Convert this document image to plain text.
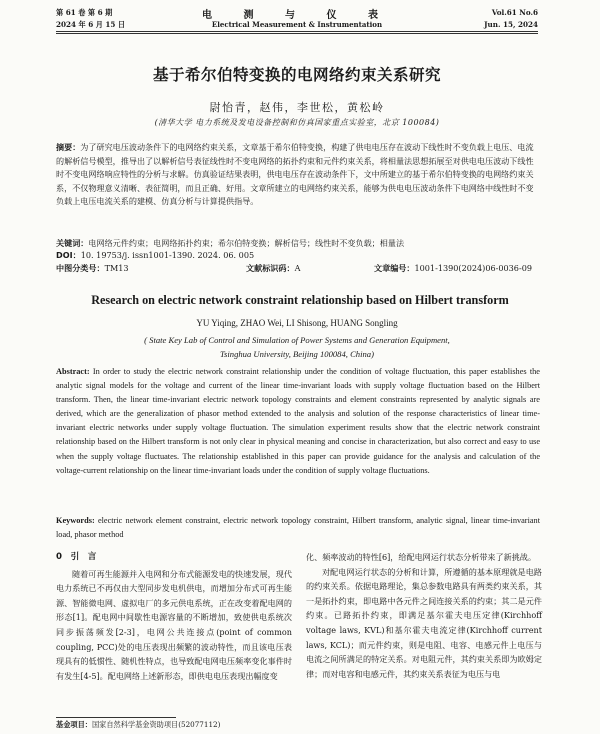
第 61 卷 第 6 期
2024 年 6 月 15 日
电 测 与 仪 表
Electrical Measurement & Instrumentation
Vol.61 No.6
Jun. 15, 2024
基于希尔伯特变换的电网络约束关系研究
尉怡青，赵伟，李世松，黄松岭
(清华大学 电力系统及发电设备控制和仿真国家重点实验室，北京 100084)
摘要：为了研究电压波动条件下的电网络约束关系，文章基于希尔伯特变换，构建了供电电压存在波动下线性时不变负载上电压、电流的解析信号模型，推导出了以解析信号表征线性时不变电网络的拓扑约束和元件约束关系，将相量法思想拓展至对供电电压波动下线性时不变电网络响应特性的分析与求解。仿真验证结果表明，供电电压存在波动条件下，文中所建立的基于希尔伯特变换的电网络约束关系，不仅物理意义清晰、表征简明，而且正确、好用。文章所建立的电网络约束关系，能够为供电电压波动条件下电网络中线性时不变负载上电压电流关系的建模、仿真分析与计算提供指导。
关键词：电网络元件约束；电网络拓扑约束；希尔伯特变换；解析信号；线性时不变负载；相量法
DOI：10. 19753/j. issn1001-1390. 2024. 06. 005
中图分类号：TM13	文献标识码：A	文章编号：1001-1390(2024)06-0036-09
Research on electric network constraint relationship based on Hilbert transform
YU Yiqing, ZHAO Wei, LI Shisong, HUANG Songling
( State Key Lab of Control and Simulation of Power Systems and Generation Equipment,
Tsinghua University, Beijing 100084, China)
Abstract: In order to study the electric network constraint relationship under the condition of voltage fluctuation, this paper establishes the analytic signal models for the voltage and current of the linear time-invariant loads with supply voltage fluctuation based on the Hilbert transform. Then, the linear time-invariant electric network topology constraints and element constraints represented by analytic signals are derived, which are the generalization of phasor method extended to the analysis and solution of the response characteristics of linear time-invariant electric networks under supply voltage fluctuation. The simulation experiment results show that the electric network constraint relationship based on the Hilbert transform is not only clear in physical meaning and concise in characterization, but also correct and easy to use when the supply voltage fluctuates. The relationship established in this paper can provide guidance for the analysis and calculation of the voltage-current relationship on the linear time-invariant loads under the condition of supply voltage fluctuations.
Keywords: electric network element constraint, electric network topology constraint, Hilbert transform, analytic signal, linear time-invariant load, phasor method
0　引　言
随着可再生能源并入电网和分布式能源发电的快速发展，现代电力系统已不再仅由大型同步发电机供电，而增加分布式可再生能源、智能微电网、虚拟电厂的多元供电系统，正在改变着配电网的形态[1]。配电网中间歇性电源容量的不断增加，致使供电系统次同步振荡频发[2-3]，电网公共连接点(point of common coupling, PCC)处的电压表现出频繁的波动特性，而且该电压表现具有的低惯性、随机性特点，也导致配电网电压频率变化事件时有发生[4-5]。配电网络上述新形态，即供电电压表现出幅度变
化、频率波动的特性[6]，给配电网运行状态分析带来了新挑战。
对配电网运行状态的分析和计算，所遵循的基本原理就是电路的约束关系。依据电路理论，集总参数电路具有两类约束关系，其一是拓扑约束，即电路中各元件之间连接关系的约束；其二是元件约束。已路拓扑约束，即满足基尔霍夫电压定律(Kirchhoff voltage laws, KVL)和基尔霍夫电流定律(Kirchhoff current laws, KCL)；而元件约束，则是电阻、电容、电感元件上电压与电流之间所满足的特定关系。对电阻元件，其约束关系即为欧姆定律；而对电容和电感元件，其约束关系表征为电压与电
基金项目：国家自然科学基金资助项目(52077112)
